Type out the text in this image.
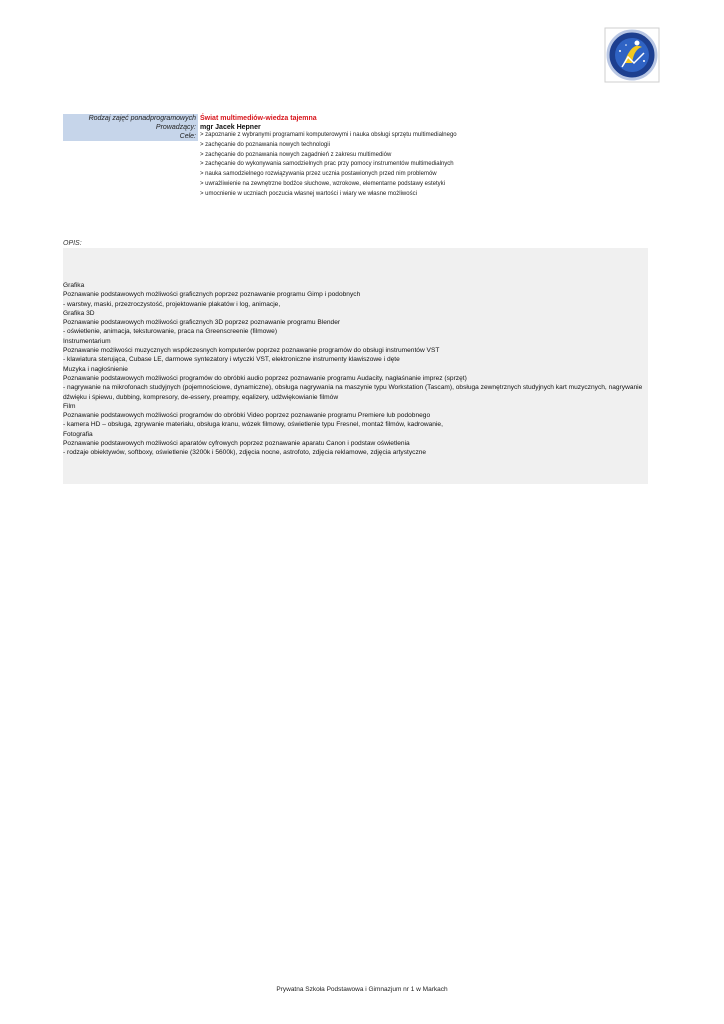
Rodzaj zajęć ponadprogramowych Świat multimediów-wiedza tajemna
Prowadzący: mgr Jacek Hepner
Cele: > zapoznanie z wybranymi programami komputerowymi i nauka obsługi sprzętu multimedialnego
> zachęcanie do poznawania nowych technologii
> zachęcanie do poznawania nowych zagadnień z zakresu multimediów
> zachęcanie do wykonywania samodzielnych prac przy pomocy instrumentów multimedialnych
> nauka samodzielnego rozwiązywania przez ucznia postawionych przed nim problemów
> uwrażliwienie na zewnętrzne bodźce słuchowe, wzrokowe, elementarne podstawy estetyki
> umocnienie w uczniach poczucia własnej wartości i wiary we własne możliwości
OPIS:
Grafika
Poznawanie podstawowych możliwości graficznych poprzez poznawanie programu Gimp i podobnych
- warstwy, maski, przezroczystość, projektowanie plakatów i log, animacje,
Grafika 3D
Poznawanie podstawowych możliwości graficznych 3D poprzez poznawanie programu Blender
- oświetlenie, animacja, teksturowanie, praca na Greenscreenie (filmowe)
Instrumentarium
Poznawanie możliwości muzycznych współczesnych komputerów poprzez poznawanie programów do obsługi instrumentów VST
- klawiatura sterująca, Cubase LE, darmowe syntezatory i wtyczki VST, elektroniczne instrumenty klawiszowe i dęte
Muzyka i nagłośnienie
Poznawanie podstawowych możliwości programów do obróbki audio poprzez poznawanie programu Audacity, nagłaśnanie imprez (sprzęt)
- nagrywanie na mikrofonach studyjnych (pojemnościowe, dynamiczne), obsługa nagrywania na maszynie typu Workstation (Tascam), obsługa zewnętrznych studyjnych kart muzycznych, nagrywanie dźwięku i śpiewu, dubbing, kompresory, de-essery, preampy, eqalizery, udźwiękowianie filmów
Film
Poznawanie podstawowych możliwości programów do obróbki Video poprzez poznawanie programu Premiere lub podobnego
- kamera HD – obsługa, zgrywanie materiału, obsługa kranu, wózek filmowy, oświetlenie typu Fresnel, montaż filmów, kadrowanie,
Fotografia
Poznawanie podstawowych możliwości aparatów cyfrowych poprzez poznawanie aparatu Canon i podstaw oświetlenia
- rodzaje obiektywów, softboxy, oświetlenie (3200k i 5600k), zdjęcia nocne, astrofoto, zdjęcia reklamowe, zdjęcia artystyczne
Prywatna Szkoła Podstawowa i Gimnazjum nr 1 w Markach
